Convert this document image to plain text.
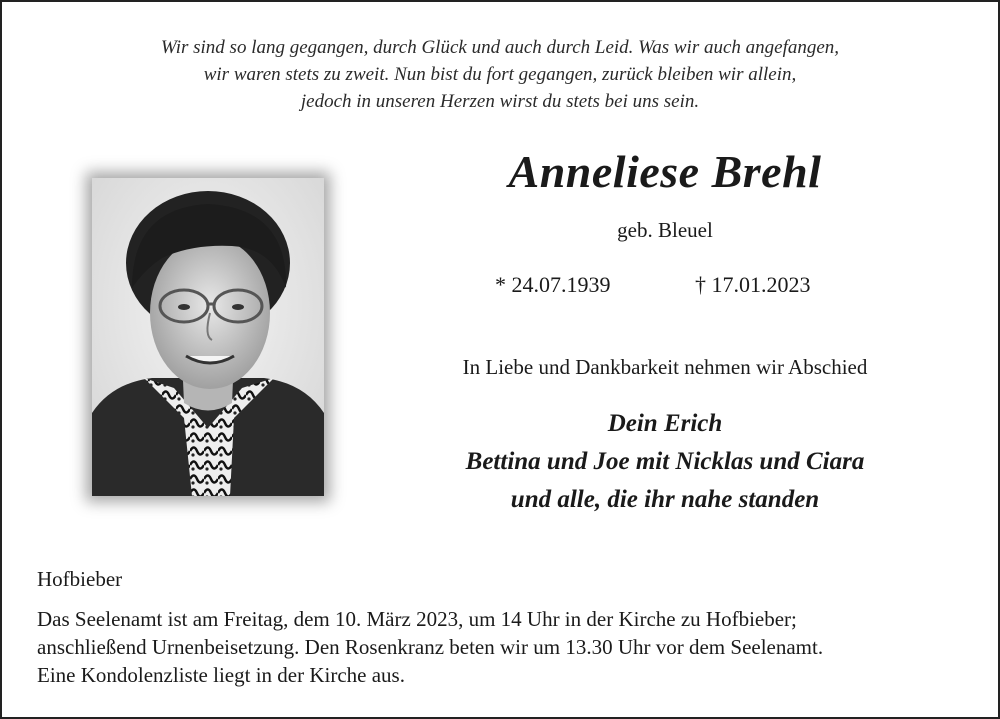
Wir sind so lang gegangen, durch Glück und auch durch Leid. Was wir auch angefangen,
wir waren stets zu zweit. Nun bist du fort gegangen, zurück bleiben wir allein,
jedoch in unseren Herzen wirst du stets bei uns sein.
Anneliese Brehl
geb. Bleuel
* 24.07.1939	† 17.01.2023
In Liebe und Dankbarkeit nehmen wir Abschied
Dein Erich
Bettina und Joe mit Nicklas und Ciara
und alle, die ihr nahe standen
Hofbieber
Das Seelenamt ist am Freitag, dem 10. März 2023, um 14 Uhr in der Kirche zu Hofbieber;
anschließend Urnenbeisetzung. Den Rosenkranz beten wir um 13.30 Uhr vor dem Seelenamt.
Eine Kondolenzliste liegt in der Kirche aus.
